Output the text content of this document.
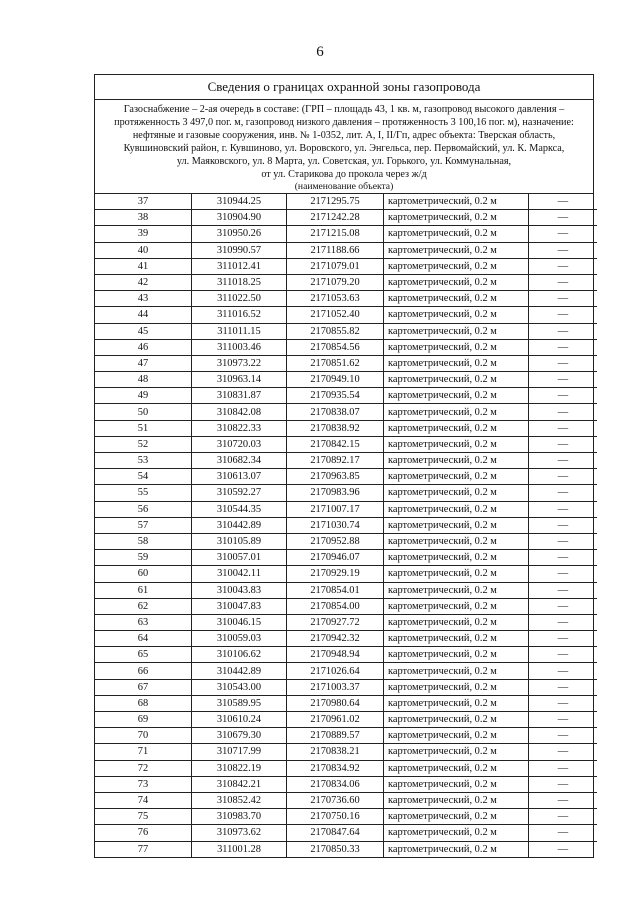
6
Сведения о границах охранной зоны газопровода
Газоснабжение – 2-ая очередь в составе: (ГРП – площадь 43, 1 кв. м, газопровод высокого давления –
протяженность 3 497,0 пог. м, газопровод низкого давления – протяженность 3 100,16 пог. м), назначение:
нефтяные и газовые сооружения, инв. № 1-0352, лит. А, I, II/Гп, адрес объекта: Тверская область,
Кувшиновский район, г. Кувшиново, ул. Воровского, ул. Энгельса, пер. Первомайский, ул. К. Маркса,
ул. Маяковского, ул. 8 Марта, ул. Советская, ул. Горького, ул. Коммунальная,
от ул. Старикова до прокола через ж/д
(наименование объекта)
37	310944.25	2171295.75	картометрический, 0.2 м	—
38	310904.90	2171242.28	картометрический, 0.2 м	—
39	310950.26	2171215.08	картометрический, 0.2 м	—
40	310990.57	2171188.66	картометрический, 0.2 м	—
41	311012.41	2171079.01	картометрический, 0.2 м	—
42	311018.25	2171079.20	картометрический, 0.2 м	—
43	311022.50	2171053.63	картометрический, 0.2 м	—
44	311016.52	2171052.40	картометрический, 0.2 м	—
45	311011.15	2170855.82	картометрический, 0.2 м	—
46	311003.46	2170854.56	картометрический, 0.2 м	—
47	310973.22	2170851.62	картометрический, 0.2 м	—
48	310963.14	2170949.10	картометрический, 0.2 м	—
49	310831.87	2170935.54	картометрический, 0.2 м	—
50	310842.08	2170838.07	картометрический, 0.2 м	—
51	310822.33	2170838.92	картометрический, 0.2 м	—
52	310720.03	2170842.15	картометрический, 0.2 м	—
53	310682.34	2170892.17	картометрический, 0.2 м	—
54	310613.07	2170963.85	картометрический, 0.2 м	—
55	310592.27	2170983.96	картометрический, 0.2 м	—
56	310544.35	2171007.17	картометрический, 0.2 м	—
57	310442.89	2171030.74	картометрический, 0.2 м	—
58	310105.89	2170952.88	картометрический, 0.2 м	—
59	310057.01	2170946.07	картометрический, 0.2 м	—
60	310042.11	2170929.19	картометрический, 0.2 м	—
61	310043.83	2170854.01	картометрический, 0.2 м	—
62	310047.83	2170854.00	картометрический, 0.2 м	—
63	310046.15	2170927.72	картометрический, 0.2 м	—
64	310059.03	2170942.32	картометрический, 0.2 м	—
65	310106.62	2170948.94	картометрический, 0.2 м	—
66	310442.89	2171026.64	картометрический, 0.2 м	—
67	310543.00	2171003.37	картометрический, 0.2 м	—
68	310589.95	2170980.64	картометрический, 0.2 м	—
69	310610.24	2170961.02	картометрический, 0.2 м	—
70	310679.30	2170889.57	картометрический, 0.2 м	—
71	310717.99	2170838.21	картометрический, 0.2 м	—
72	310822.19	2170834.92	картометрический, 0.2 м	—
73	310842.21	2170834.06	картометрический, 0.2 м	—
74	310852.42	2170736.60	картометрический, 0.2 м	—
75	310983.70	2170750.16	картометрический, 0.2 м	—
76	310973.62	2170847.64	картометрический, 0.2 м	—
77	311001.28	2170850.33	картометрический, 0.2 м	—
